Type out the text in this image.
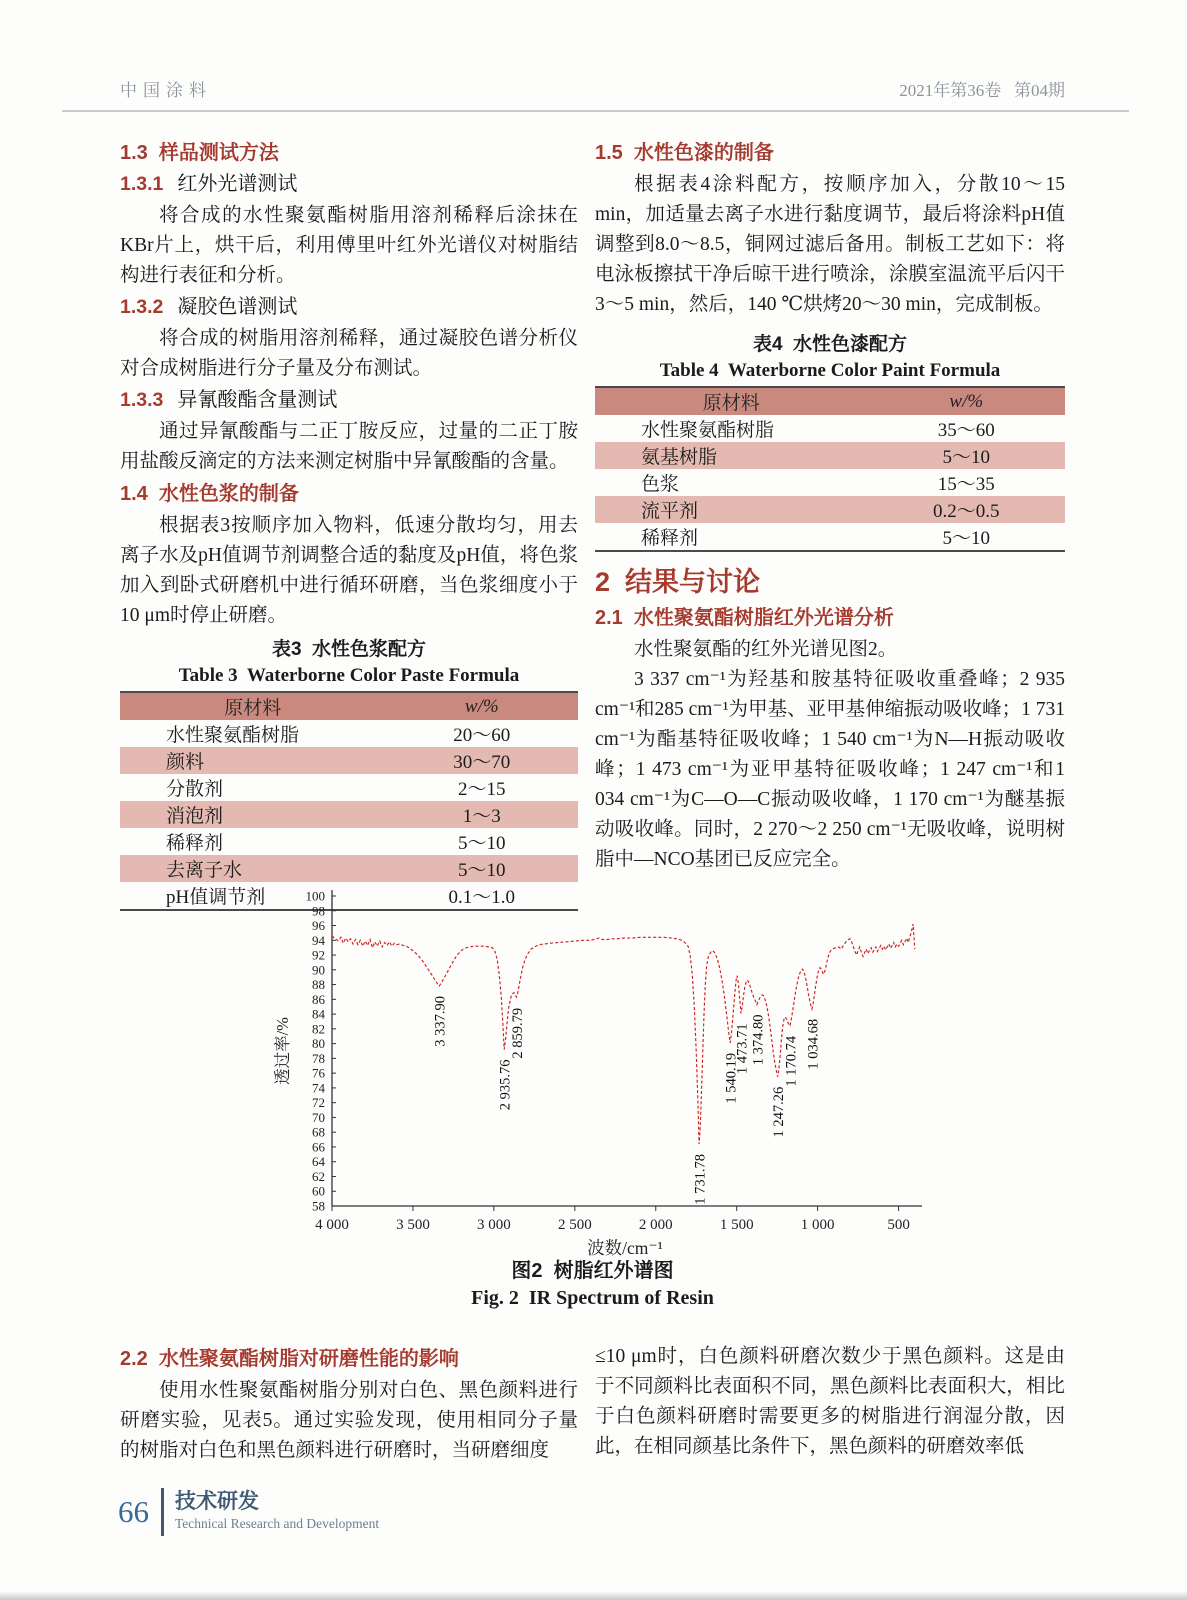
中国涂料	2021年第36卷   第04期
1.3  样品测试方法
1.3.1 红外光谱测试

将合成的水性聚氨酯树脂用溶剂稀释后涂抹在KBr片上，烘干后，利用傅里叶红外光谱仪对树脂结构进行表征和分析。

1.3.2 凝胶色谱测试

将合成的树脂用溶剂稀释，通过凝胶色谱分析仪对合成树脂进行分子量及分布测试。

1.3.3 异氰酸酯含量测试

通过异氰酸酯与二正丁胺反应，过量的二正丁胺用盐酸反滴定的方法来测定树脂中异氰酸酯的含量。

1.4  水性色浆的制备

根据表3按顺序加入物料，低速分散均匀，用去离子水及pH值调节剂调整合适的黏度及pH值，将色浆加入到卧式研磨机中进行循环研磨，当色浆细度小于10 μm时停止研磨。

表3  水性色浆配方
Table 3  Waterborne Color Paste Formula
原材料	w/%
水性聚氨酯树脂	20～60
颜料	30～70
分散剂	2～15
消泡剂	1～3
稀释剂	5～10
去离子水	5～10
pH值调节剂	0.1～1.0
1.5  水性色漆的制备

根据表4涂料配方，按顺序加入，分散10～15 min，加适量去离子水进行黏度调节，最后将涂料pH值调整到8.0～8.5，铜网过滤后备用。制板工艺如下：将电泳板擦拭干净后晾干进行喷涂，涂膜室温流平后闪干3～5 min，然后，140 ℃烘烤20～30 min，完成制板。

表4  水性色漆配方
Table 4  Waterborne Color Paint Formula
原材料	w/%
水性聚氨酯树脂	35～60
氨基树脂	5～10
色浆	15～35
流平剂	0.2～0.5
稀释剂	5～10
2  结果与讨论
2.1  水性聚氨酯树脂红外光谱分析

水性聚氨酯的红外光谱见图2。

3 337 cm⁻¹为羟基和胺基特征吸收重叠峰；2 935 cm⁻¹和285 cm⁻¹为甲基、亚甲基伸缩振动吸收峰；1 731 cm⁻¹为酯基特征吸收峰；1 540 cm⁻¹为N—H振动吸收峰；1 473 cm⁻¹为亚甲基特征吸收峰；1 247 cm⁻¹和1 034 cm⁻¹为C—O—C振动吸收峰，1 170 cm⁻¹为醚基振动吸收峰。同时，2 270～2 250 cm⁻¹无吸收峰，说明树脂中—NCO基团已反应完全。

100
98
96
94
92
90
88
86
84
82
80
78
76
74
72
70
68
66
64
62
60
58
4 000	3 500	3 000	2 500	2 000	1 500	1 000	500
透过率/%
波数/cm⁻¹
3 337.90
2 935.76
2 859.79
1 731.78
1 540.19
1 473.71 1 374.80
1 247.26
1 170.74 1 034.68
图2  树脂红外谱图
Fig. 2  IR Spectrum of Resin
2.2  水性聚氨酯树脂对研磨性能的影响

使用水性聚氨酯树脂分别对白色、黑色颜料进行研磨实验，见表5。通过实验发现，使用相同分子量的树脂对白色和黑色颜料进行研磨时，当研磨细度

≤10 μm时，白色颜料研磨次数少于黑色颜料。这是由于不同颜料比表面积不同，黑色颜料比表面积大，相比于白色颜料研磨时需要更多的树脂进行润湿分散，因此，在相同颜基比条件下，黑色颜料的研磨效率低

66 技术研发
Technical Research and Development
